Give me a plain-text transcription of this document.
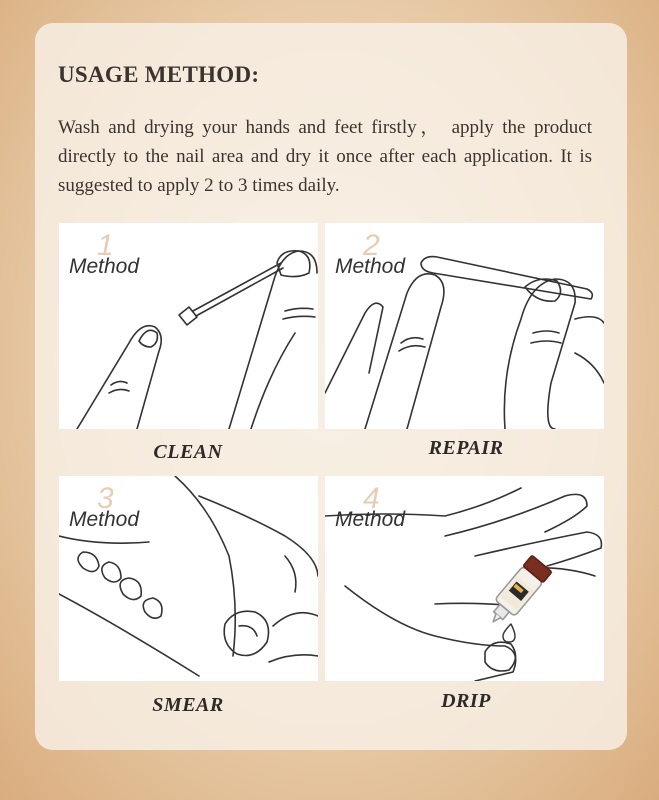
USAGE METHOD:

Wash and drying your hands and feet firstly， apply the product directly to the nail area and dry it once after each application. It is suggested to apply 2 to 3 times daily.

1
Method
CLEAN
2
Method
REPAIR
3
Method
SMEAR
4
Method
DRIP
